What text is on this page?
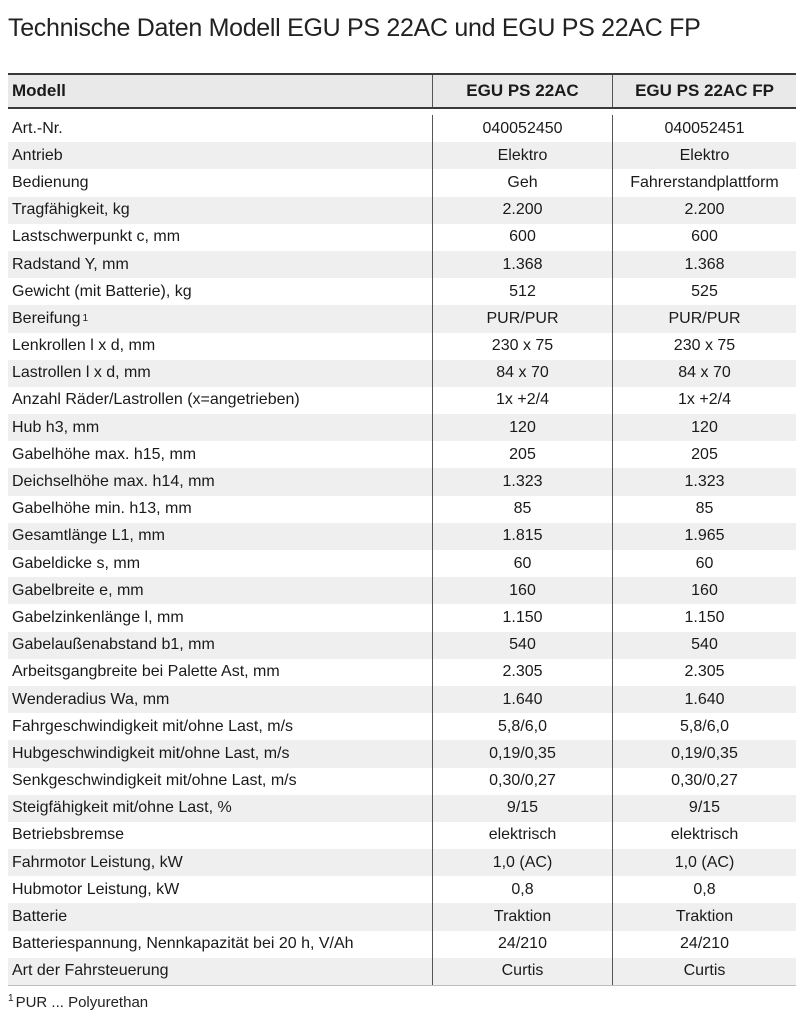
Technische Daten Modell EGU PS 22AC und EGU PS 22AC FP
Modell	EGU PS 22AC	EGU PS 22AC FP
Art.-Nr.	040052450	040052451
Antrieb	Elektro	Elektro
Bedienung	Geh	Fahrerstandplattform
Tragfähigkeit, kg	2.200	2.200
Lastschwerpunkt c, mm	600	600
Radstand Y, mm	1.368	1.368
Gewicht (mit Batterie), kg	512	525
Bereifung 1	PUR/PUR	PUR/PUR
Lenkrollen l x d, mm	230 x 75	230 x 75
Lastrollen l x d, mm	84 x 70	84 x 70
Anzahl Räder/Lastrollen (x=angetrieben)	1x +2/4	1x +2/4
Hub h3, mm	120	120
Gabelhöhe max. h15, mm	205	205
Deichselhöhe max. h14, mm	1.323	1.323
Gabelhöhe min. h13, mm	85	85
Gesamtlänge L1, mm	1.815	1.965
Gabeldicke s, mm	60	60
Gabelbreite e, mm	160	160
Gabelzinkenlänge l, mm	1.150	1.150
Gabelaußenabstand b1, mm	540	540
Arbeitsgangbreite bei Palette Ast, mm	2.305	2.305
Wenderadius Wa, mm	1.640	1.640
Fahrgeschwindigkeit mit/ohne Last, m/s	5,8/6,0	5,8/6,0
Hubgeschwindigkeit mit/ohne Last, m/s	0,19/0,35	0,19/0,35
Senkgeschwindigkeit mit/ohne Last, m/s	0,30/0,27	0,30/0,27
Steigfähigkeit mit/ohne Last, %	9/15	9/15
Betriebsbremse	elektrisch	elektrisch
Fahrmotor Leistung, kW	1,0 (AC)	1,0 (AC)
Hubmotor Leistung, kW	0,8	0,8
Batterie	Traktion	Traktion
Batteriespannung, Nennkapazität bei 20 h, V/Ah	24/210	24/210
Art der Fahrsteuerung	Curtis	Curtis
$^1$ PUR ... Polyurethan
